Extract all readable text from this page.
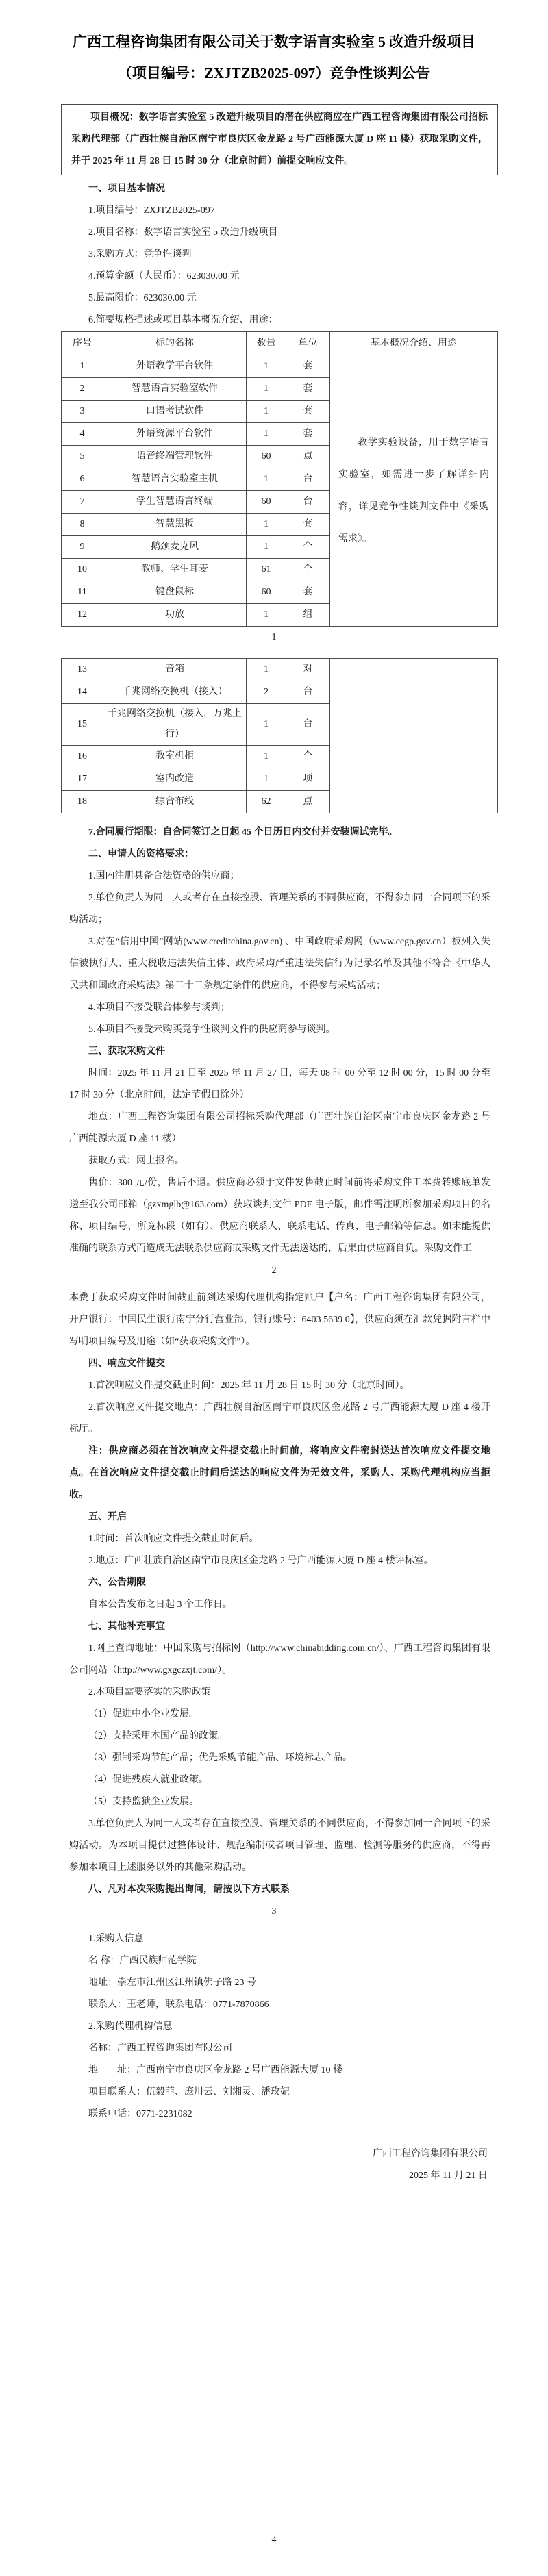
广西工程咨询集团有限公司关于数字语言实验室 5 改造升级项目
（项目编号：ZXJTZB2025-097）竞争性谈判公告
项目概况：数字语言实验室 5 改造升级项目的潜在供应商应在广西工程咨询集团有限公司招标采购代理部（广西壮族自治区南宁市良庆区金龙路 2 号广西能源大厦 D 座 11 楼）获取采购文件，并于 2025 年 11 月 28 日 15 时 30 分（北京时间）前提交响应文件。

一、项目基本情况

1.项目编号：ZXJTZB2025-097

2.项目名称：数字语言实验室 5 改造升级项目

3.采购方式：竞争性谈判

4.预算金额（人民币）：623030.00 元

5.最高限价：623030.00 元

6.简要规格描述或项目基本概况介绍、用途：

序号	标的名称	数量	单位	基本概况介绍、用途
1	外语教学平台软件	1	套	教学实验设备，用于数字语言实验室，如需进一步了解详细内容，详见竞争性谈判文件中《采购需求》。

2	智慧语言实验室软件	1	套	
3	口语考试软件	1	套	
4	外语资源平台软件	1	套	
5	语音终端管理软件	60	点	
6	智慧语言实验室主机	1	台	
7	学生智慧语言终端	60	台	
8	智慧黑板	1	套	
9	鹅颈麦克风	1	个	
10	教师、学生耳麦	61	个	
11	键盘鼠标	60	套	
12	功放	1	组	

1

13	音箱	1	对	
14	千兆网络交换机（接入）	2	台	
15	千兆网络交换机（接入，万兆上行）	1	台	
16	教室机柜	1	个	
17	室内改造	1	项	
18	综合布线	62	点	

7.合同履行期限：自合同签订之日起 45 个日历日内交付并安装调试完毕。

二、申请人的资格要求：

1.国内注册具备合法资格的供应商；

2.单位负责人为同一人或者存在直接控股、管理关系的不同供应商，不得参加同一合同项下的采购活动；

3.对在“信用中国”网站(www.creditchina.gov.cn) 、中国政府采购网（www.ccgp.gov.cn）被列入失信被执行人、重大税收违法失信主体、政府采购严重违法失信行为记录名单及其他不符合《中华人民共和国政府采购法》第二十二条规定条件的供应商，不得参与采购活动；

4.本项目不接受联合体参与谈判；

5.本项目不接受未购买竞争性谈判文件的供应商参与谈判。

三、获取采购文件

时间：2025 年 11 月 21 日至 2025 年 11 月 27 日，每天 08 时 00 分至 12 时 00 分，15 时 00 分至 17 时 30 分（北京时间，法定节假日除外）

地点：广西工程咨询集团有限公司招标采购代理部（广西壮族自治区南宁市良庆区金龙路 2 号广西能源大厦 D 座 11 楼）

获取方式：网上报名。

售价：300 元/份，售后不退。供应商必须于文件发售截止时间前将采购文件工本费转账底单发送至我公司邮箱（gzxmglb@163.com）获取谈判文件 PDF 电子版，邮件需注明所参加采购项目的名称、项目编号、所竞标段（如有）、供应商联系人、联系电话、传真、电子邮箱等信息。如未能提供准确的联系方式而造成无法联系供应商或采购文件无法送达的，后果由供应商自负。采购文件工

2

本费于获取采购文件时间截止前到达采购代理机构指定账户【户名：广西工程咨询集团有限公司，开户银行：中国民生银行南宁分行营业部，银行账号：6403 5639 0】，供应商须在汇款凭据附言栏中写明项目编号及用途（如“获取采购文件”）。

四、响应文件提交

1.首次响应文件提交截止时间：2025 年 11 月 28 日 15 时 30 分（北京时间）。

2.首次响应文件提交地点：广西壮族自治区南宁市良庆区金龙路 2 号广西能源大厦 D 座 4 楼开标厅。

注：供应商必须在首次响应文件提交截止时间前，将响应文件密封送达首次响应文件提交地点。在首次响应文件提交截止时间后送达的响应文件为无效文件，采购人、采购代理机构应当拒收。

五、开启

1.时间：首次响应文件提交截止时间后。

2.地点：广西壮族自治区南宁市良庆区金龙路 2 号广西能源大厦 D 座 4 楼评标室。

六、公告期限

自本公告发布之日起 3 个工作日。

七、其他补充事宜

1.网上查询地址：中国采购与招标网（http://www.chinabidding.com.cn/）、广西工程咨询集团有限公司网站（http://www.gxgczxjt.com/）。

2.本项目需要落实的采购政策

（1）促进中小企业发展。

（2）支持采用本国产品的政策。

（3）强制采购节能产品；优先采购节能产品、环境标志产品。

（4）促进残疾人就业政策。

（5）支持监狱企业发展。

3.单位负责人为同一人或者存在直接控股、管理关系的不同供应商，不得参加同一合同项下的采购活动。为本项目提供过整体设计、规范编制或者项目管理、监理、检测等服务的供应商，不得再参加本项目上述服务以外的其他采购活动。

八、凡对本次采购提出询问，请按以下方式联系

3

1.采购人信息

名 称：广西民族师范学院

地址：崇左市江州区江州镇佛子路 23 号

联系人：王老师，联系电话：0771-7870866

2.采购代理机构信息

名称：广西工程咨询集团有限公司

地　　址：广西南宁市良庆区金龙路 2 号广西能源大厦 10 楼

项目联系人：伍毅菲、庞川云、刘湘灵、潘玫妃

联系电话：0771-2231082

广西工程咨询集团有限公司

2025 年 11 月 21 日

4
